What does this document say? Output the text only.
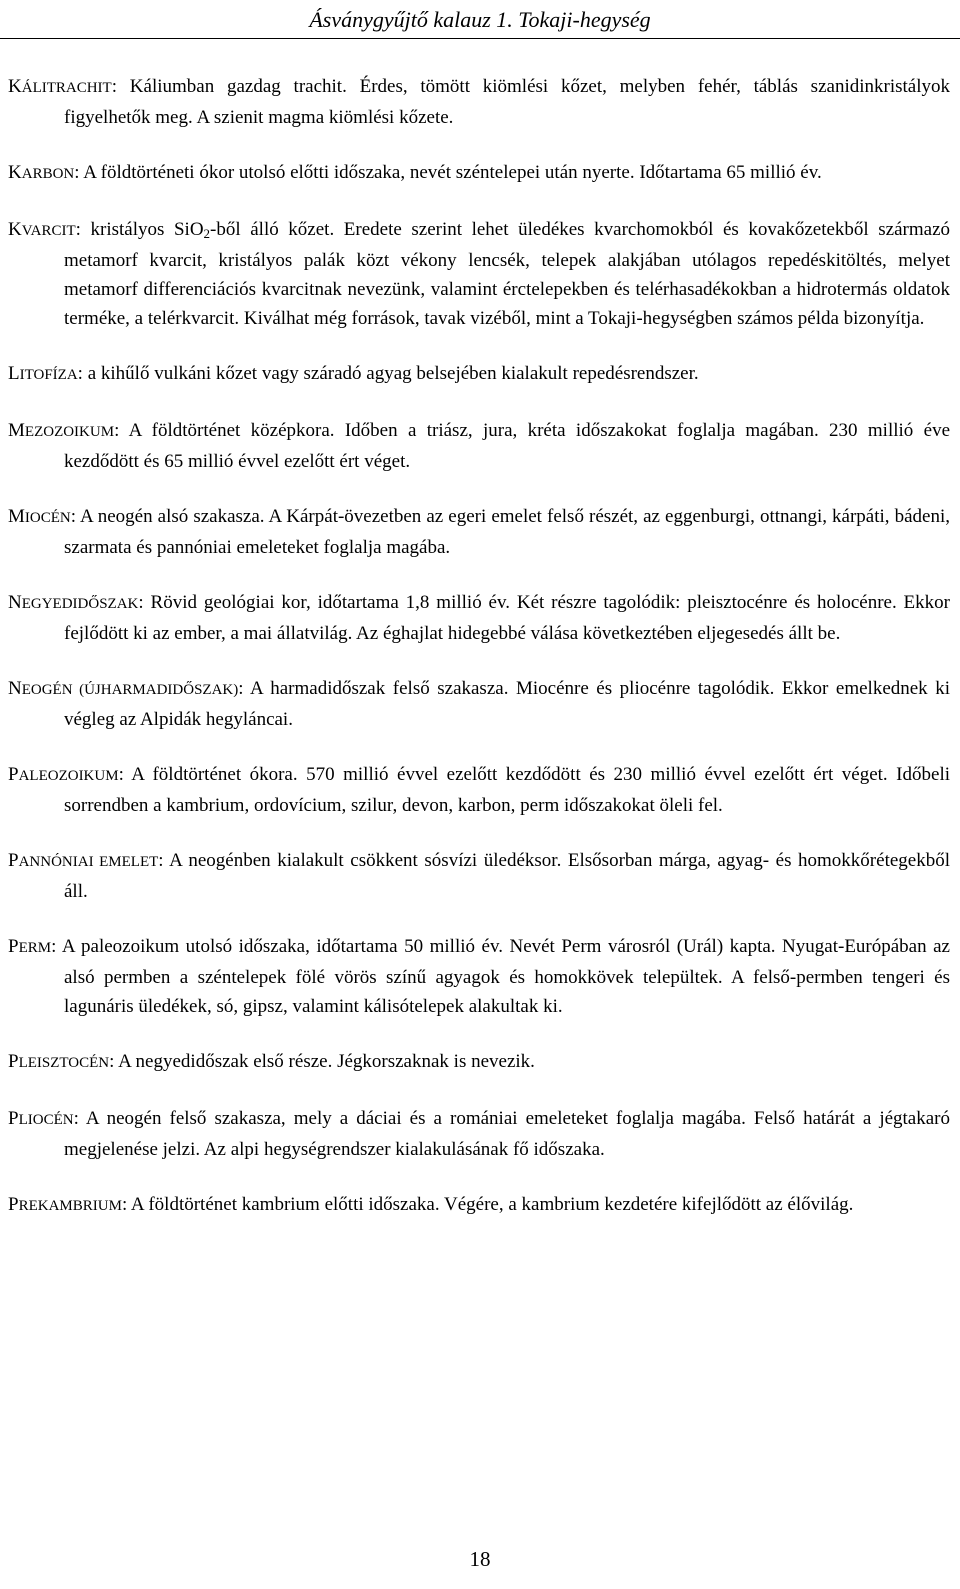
Ásványgyűjtő kalauz 1. Tokaji-hegység

KÁLITRACHIT: Káliumban gazdag trachit. Érdes, tömött kiömlési kőzet, melyben fehér, táblás szanidinkristályok figyelhetők meg. A szienit magma kiömlési kőzete.

KARBON: A földtörténeti ókor utolsó előtti időszaka, nevét széntelepei után nyerte. Időtartama 65 millió év.

KVARCIT: kristályos SiO$_2$-ből álló kőzet. Eredete szerint lehet üledékes kvarchomokból és kovakőzetekből származó metamorf kvarcit, kristályos palák közt vékony lencsék, telepek alakjában utólagos repedéskitöltés, melyet metamorf differenciációs kvarcitnak nevezünk, valamint érctelepekben és telérhasadékokban a hidrotermás oldatok terméke, a telérkvarcit. Kiválhat még források, tavak vizéből, mint a Tokaji-hegységben számos példa bizonyítja.

LITOFÍZA: a kihűlő vulkáni kőzet vagy száradó agyag belsejében kialakult repedésrendszer.

MEZOZOIKUM: A földtörténet középkora. Időben a triász, jura, kréta időszakokat foglalja magában. 230 millió éve kezdődött és 65 millió évvel ezelőtt ért véget.

MIOCÉN: A neogén alsó szakasza. A Kárpát-övezetben az egeri emelet felső részét, az eggenburgi, ottnangi, kárpáti, bádeni, szarmata és pannóniai emeleteket foglalja magába.

NEGYEDIDŐSZAK: Rövid geológiai kor, időtartama 1,8 millió év. Két részre tagolódik: pleisztocénre és holocénre. Ekkor fejlődött ki az ember, a mai állatvilág. Az éghajlat hidegebbé válása következtében eljegesedés állt be.

NEOGÉN (ÚJHARMADIDŐSZAK): A harmadidőszak felső szakasza. Miocénre és pliocénre tagolódik. Ekkor emelkednek ki végleg az Alpidák hegyláncai.

PALEOZOIKUM: A földtörténet ókora. 570 millió évvel ezelőtt kezdődött és 230 millió évvel ezelőtt ért véget. Időbeli sorrendben a kambrium, ordovícium, szilur, devon, karbon, perm időszakokat öleli fel.

PANNÓNIAI EMELET: A neogénben kialakult csökkent sósvízi üledéksor. Elsősorban márga, agyag- és homokkőrétegekből áll.

PERM: A paleozoikum utolsó időszaka, időtartama 50 millió év. Nevét Perm városról (Urál) kapta. Nyugat-Európában az alsó permben a széntelepek fölé vörös színű agyagok és homokkövek települtek. A felső-permben tengeri és lagunáris üledékek, só, gipsz, valamint kálisótelepek alakultak ki.

PLEISZTOCÉN: A negyedidőszak első része. Jégkorszaknak is nevezik.

PLIOCÉN: A neogén felső szakasza, mely a dáciai és a romániai emeleteket foglalja magába. Felső határát a jégtakaró megjelenése jelzi. Az alpi hegységrendszer kialakulásának fő időszaka.

PREKAMBRIUM: A földtörténet kambrium előtti időszaka. Végére, a kambrium kezdetére kifejlődött az élővilág.

18
